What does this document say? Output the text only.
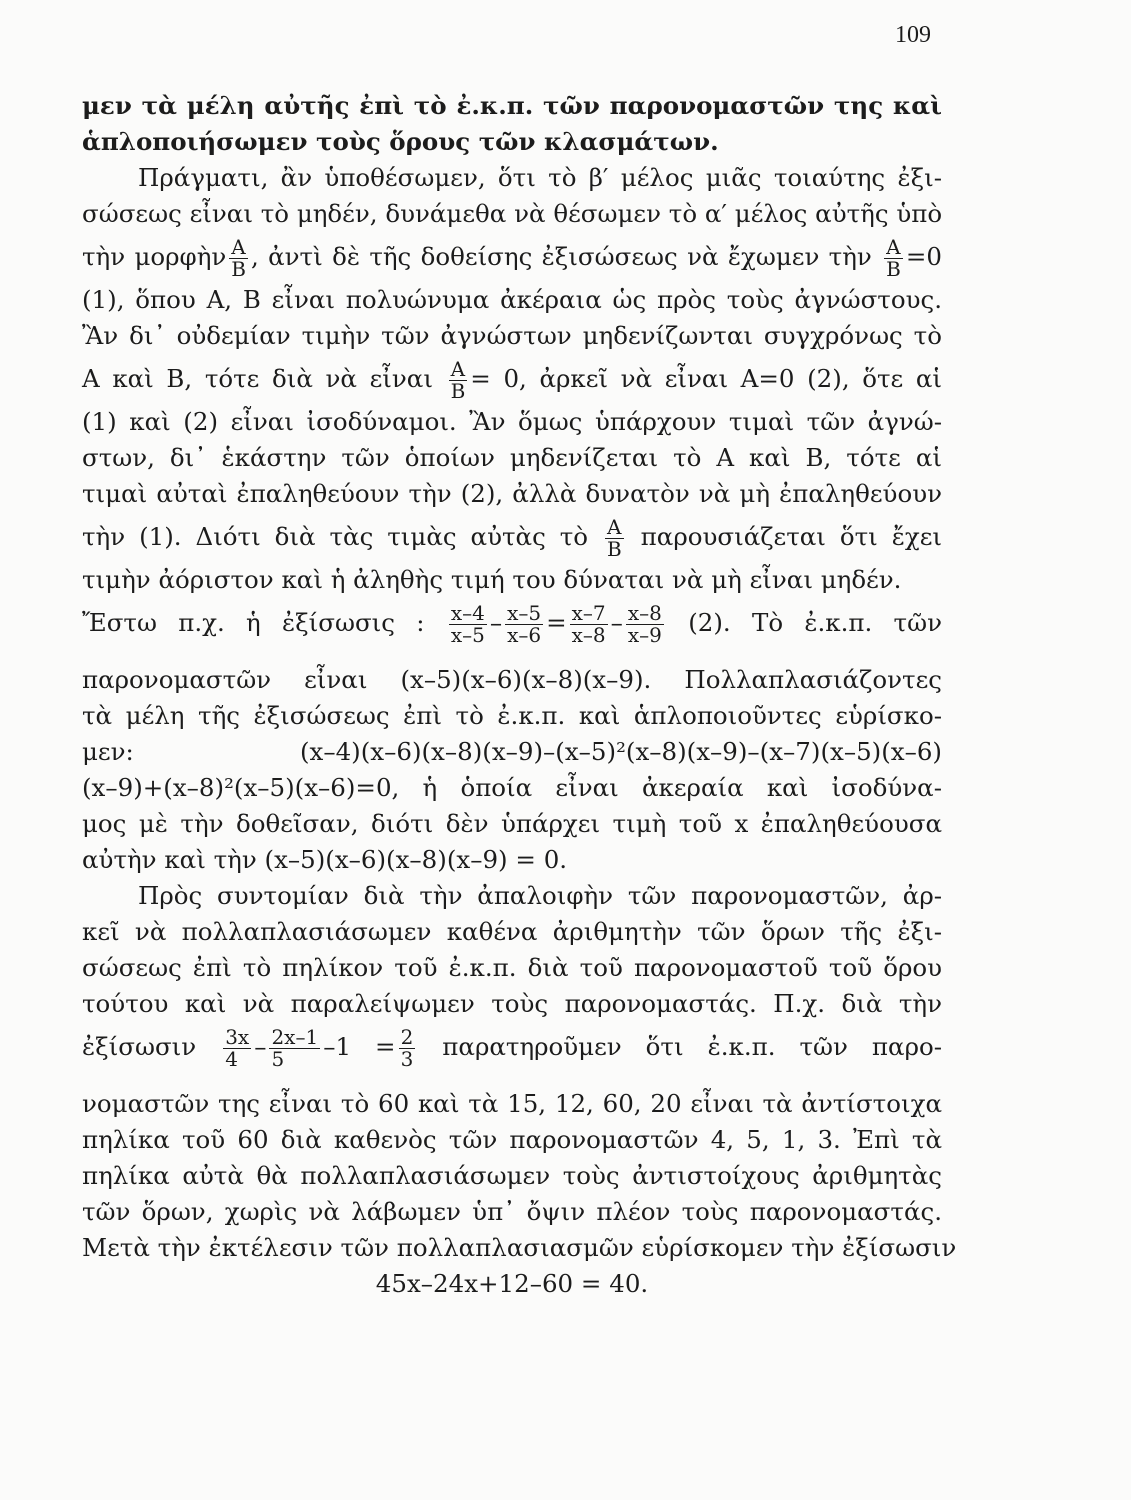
109
μεν τὰ μέλη αὐτῆς ἐπὶ τὸ ἐ.κ.π. τῶν παρονομαστῶν της καὶ
ἁπλοποιήσωμεν τοὺς ὅρους τῶν κλασμάτων.
Πράγματι, ἂν ὑποθέσωμεν, ὅτι τὸ β′ μέλος μιᾶς τοιαύτης ἐξι-
σώσεως εἶναι τὸ μηδέν, δυνάμεθα νὰ θέσωμεν τὸ α′ μέλος αὐτῆς ὑπὸ
τὴν μορφὴν $\frac{A}{B}$ , ἀντὶ δὲ τῆς δοθείσης ἐξισώσεως νὰ ἔχωμεν τὴν $\frac{A}{B} =0$
(1), ὅπου Α, Β εἶναι πολυώνυμα ἀκέραια ὡς πρὸς τοὺς ἀγνώστους.
Ἂν δι᾽ οὐδεμίαν τιμὴν τῶν ἀγνώστων μηδενίζωνται συγχρόνως τὸ
Α καὶ Β, τότε διὰ νὰ εἶναι $\frac{A}{B} = 0$, ἀρκεῖ νὰ εἶναι Α=0 (2), ὅτε αἱ
(1) καὶ (2) εἶναι ἰσοδύναμοι. Ἂν ὅμως ὑπάρχουν τιμαὶ τῶν ἀγνώ-
στων, δι᾽ ἑκάστην τῶν ὁποίων μηδενίζεται τὸ Α καὶ Β, τότε αἱ
τιμαὶ αὐταὶ ἐπαληθεύουν τὴν (2), ἀλλὰ δυνατὸν νὰ μὴ ἐπαληθεύουν
τὴν (1). Διότι διὰ τὰς τιμὰς αὐτὰς τὸ $\frac{A}{B}$ παρουσιάζεται ὅτι ἔχει
τιμὴν ἀόριστον καὶ ἡ ἀληθὴς τιμή του δύναται νὰ μὴ εἶναι μηδέν.
Ἔστω π.χ. ἡ ἐξίσωσις : $\frac{x-4}{x-5} - \frac{x-5}{x-6} = \frac{x-7}{x-8} - \frac{x-8}{x-9} (2)$. Τὸ ἐ.κ.π. τῶν
παρονομαστῶν εἶναι (x–5)(x–6)(x–8)(x–9). Πολλαπλασιάζοντες
τὰ μέλη τῆς ἐξισώσεως ἐπὶ τὸ ἐ.κ.π. καὶ ἁπλοποιοῦντες εὑρίσκο-
μεν: (x–4)(x–6)(x–8)(x–9)–(x–5)²(x–8)(x–9)–(x–7)(x–5)(x–6)
(x–9)+(x–8)²(x–5)(x–6)=0, ἡ ὁποία εἶναι ἀκεραία καὶ ἰσοδύνα-
μος μὲ τὴν δοθεῖσαν, διότι δὲν ὑπάρχει τιμὴ τοῦ x ἐπαληθεύουσα
αὐτὴν καὶ τὴν (x–5)(x–6)(x–8)(x–9) = 0.
Πρὸς συντομίαν διὰ τὴν ἀπαλοιφὴν τῶν παρονομαστῶν, ἀρ-
κεῖ νὰ πολλαπλασιάσωμεν καθένα ἀριθμητὴν τῶν ὅρων τῆς ἐξι-
σώσεως ἐπὶ τὸ πηλίκον τοῦ ἐ.κ.π. διὰ τοῦ παρονομαστοῦ τοῦ ὅρου
τούτου καὶ νὰ παραλείψωμεν τοὺς παρονομαστάς. Π.χ. διὰ τὴν
ἐξίσωσιν $\frac{3x}{4} - \frac{2x-1}{5} -1 = \frac{2}{3}$ παρατηροῦμεν ὅτι ἐ.κ.π. τῶν παρο-
νομαστῶν της εἶναι τὸ 60 καὶ τὰ 15, 12, 60, 20 εἶναι τὰ ἀντίστοιχα
πηλίκα τοῦ 60 διὰ καθενὸς τῶν παρονομαστῶν 4, 5, 1, 3. Ἐπὶ τὰ
πηλίκα αὐτὰ θὰ πολλαπλασιάσωμεν τοὺς ἀντιστοίχους ἀριθμητὰς
τῶν ὅρων, χωρὶς νὰ λάβωμεν ὑπ᾽ ὄψιν πλέον τοὺς παρονομαστάς.
Μετὰ τὴν ἐκτέλεσιν τῶν πολλαπλασιασμῶν εὑρίσκομεν τὴν ἐξίσωσιν
45x–24x+12–60 = 40.
